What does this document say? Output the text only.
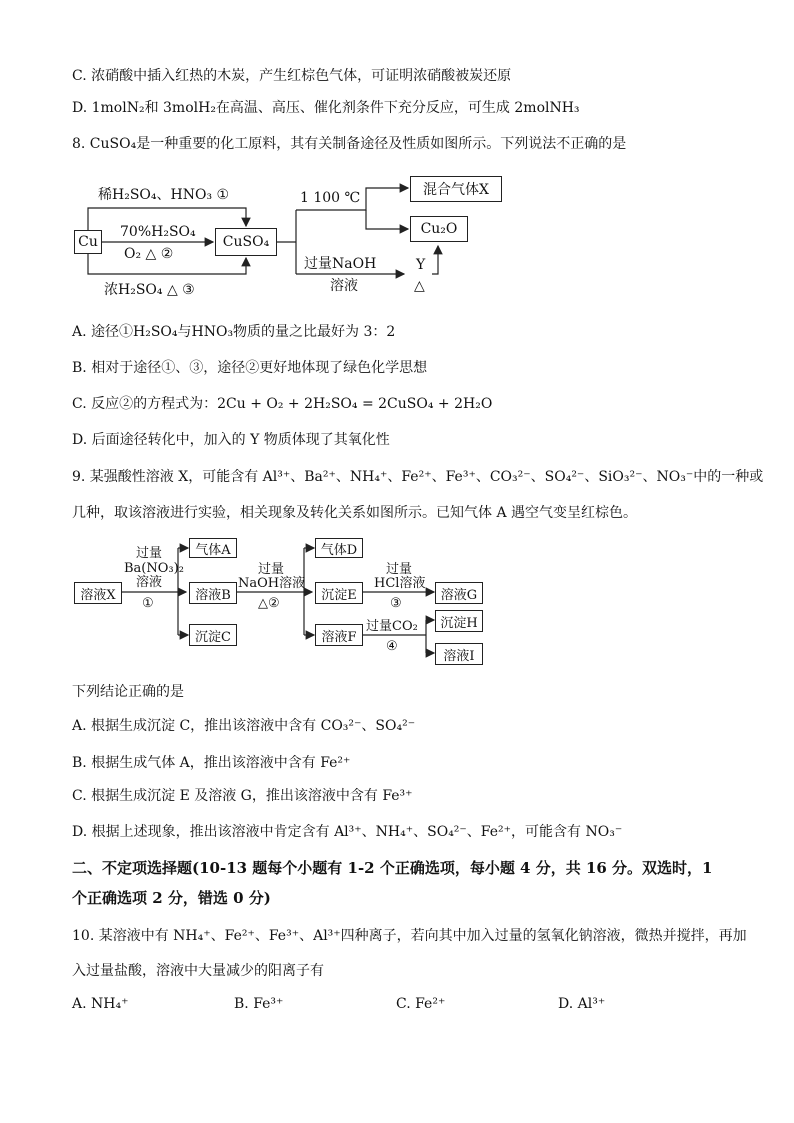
C. 浓硝酸中插入红热的木炭，产生红棕色气体，可证明浓硝酸被炭还原
D. 1molN₂和 3molH₂在高温、高压、催化剂条件下充分反应，可生成 2molNH₃
8. CuSO₄是一种重要的化工原料，其有关制备途径及性质如图所示。下列说法不正确的是
Cu	CuSO₄
混合气体X
Cu₂O
稀H₂SO₄、HNO₃ ①
70%H₂SO₄
O₂ △ ②
浓H₂SO₄ △ ③
1 100 ℃
过量NaOH
溶液
Y
△
A. 途径①H₂SO₄与HNO₃物质的量之比最好为 3：2
B. 相对于途径①、③，途径②更好地体现了绿色化学思想
C. 反应②的方程式为：2Cu + O₂ + 2H₂SO₄ = 2CuSO₄ + 2H₂O
D. 后面途径转化中，加入的 Y 物质体现了其氧化性
9. 某强酸性溶液 X，可能含有 Al³⁺、Ba²⁺、NH₄⁺、Fe²⁺、Fe³⁺、CO₃²⁻、SO₄²⁻、SiO₃²⁻、NO₃⁻中的一种或
几种，取该溶液进行实验，相关现象及转化关系如图所示。已知气体 A 遇空气变呈红棕色。
溶液X
气体A
溶液B
沉淀C
气体D
沉淀E
溶液F
溶液G
沉淀H
溶液I
过量
Ba(NO₃)₂
溶液
①
过量
NaOH溶液
△②
过量
HCl溶液
③
过量CO₂
④
下列结论正确的是
A. 根据生成沉淀 C，推出该溶液中含有 CO₃²⁻、SO₄²⁻
B. 根据生成气体 A，推出该溶液中含有 Fe²⁺
C. 根据生成沉淀 E 及溶液 G，推出该溶液中含有 Fe³⁺
D. 根据上述现象，推出该溶液中肯定含有 Al³⁺、NH₄⁺、SO₄²⁻、Fe²⁺，可能含有 NO₃⁻
二、不定项选择题(10-13 题每个小题有 1-2 个正确选项，每小题 4 分，共 16 分。双选时，1
个正确选项 2 分，错选 0 分)
10. 某溶液中有 NH₄⁺、Fe²⁺、Fe³⁺、Al³⁺四种离子，若向其中加入过量的氢氧化钠溶液，微热并搅拌，再加
入过量盐酸，溶液中大量减少的阳离子有
A. NH₄⁺	B. Fe³⁺	C. Fe²⁺	D. Al³⁺
